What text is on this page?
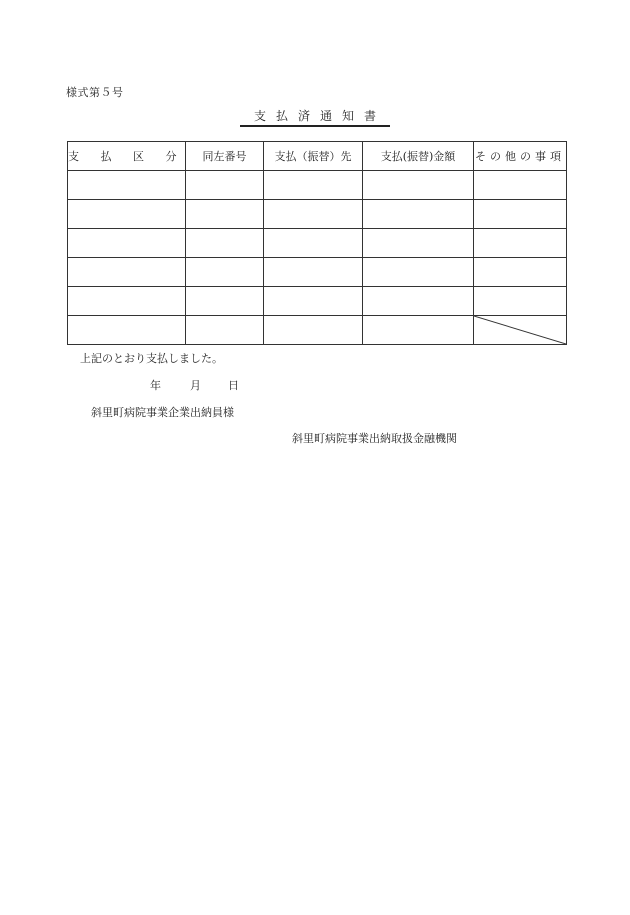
様式第５号
支払済通知書
支 払 区 分	同左番号	支払（振替）先	支払(振替)金額	その他の事項

上記のとおり支払しました。
年	月 日
斜里町病院事業企業出納員様
斜里町病院事業出納取扱金融機関
